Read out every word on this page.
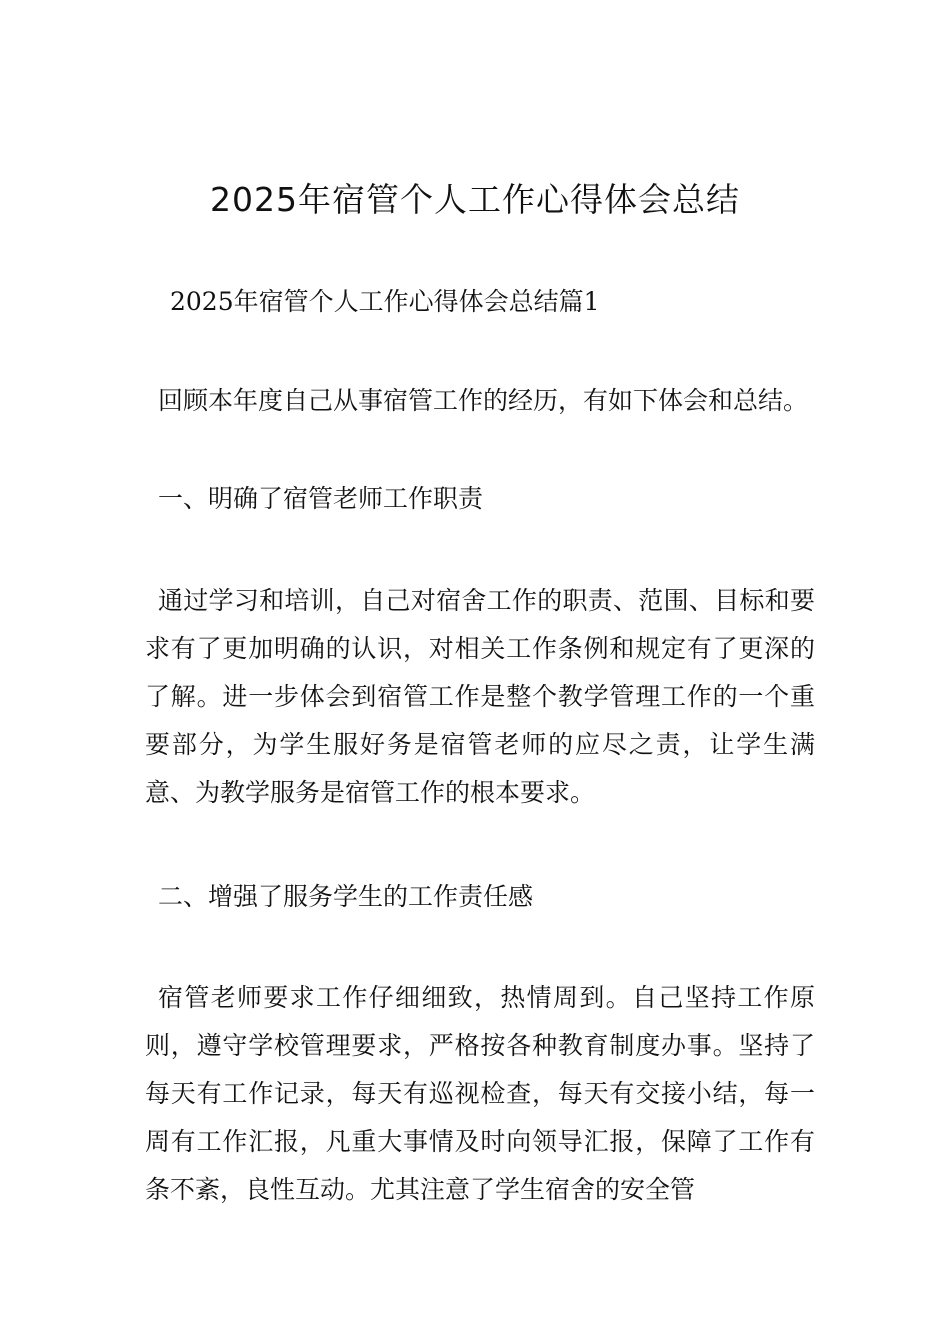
2025年宿管个人工作心得体会总结
2025年宿管个人工作心得体会总结篇1
回顾本年度自己从事宿管工作的经历，有如下体会和总结。
一、明确了宿管老师工作职责

通过学习和培训，自己对宿舍工作的职责、范围、目标和要求有了更加明确的认识，对相关工作条例和规定有了更深的了解。进一步体会到宿管工作是整个教学管理工作的一个重要部分，为学生服好务是宿管老师的应尽之责，让学生满意、为教学服务是宿管工作的根本要求。

二、增强了服务学生的工作责任感

宿管老师要求工作仔细细致，热情周到。自己坚持工作原则，遵守学校管理要求，严格按各种教育制度办事。坚持了每天有工作记录，每天有巡视检查，每天有交接小结，每一周有工作汇报，凡重大事情及时向领导汇报，保障了工作有条不紊，良性互动。尤其注意了学生宿舍的安全管
